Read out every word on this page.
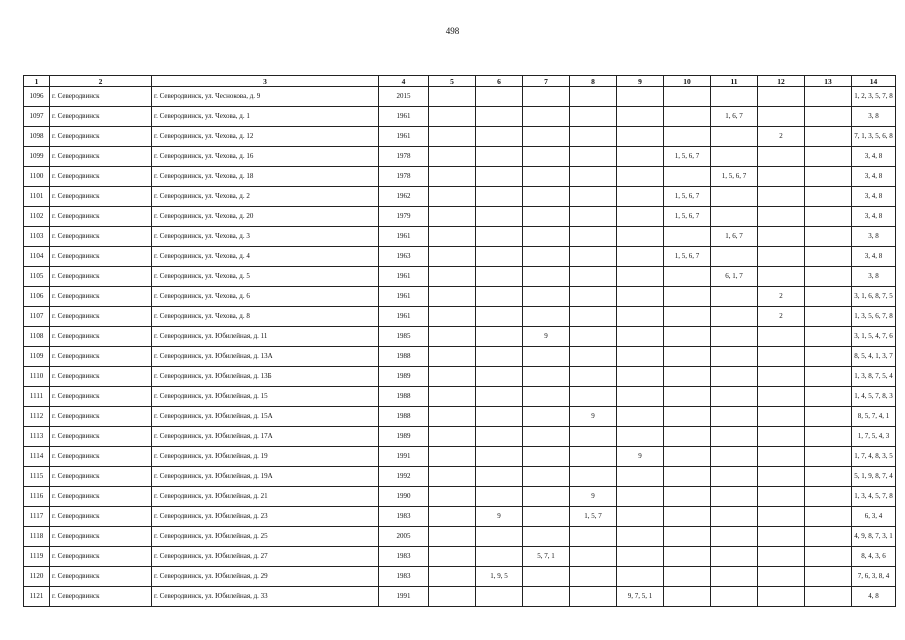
498
1	2	3	4	5	6	7	8	9	10	11	12	13	14
1096	г. Северодвинск	г. Северодвинск, ул. Чеснокова, д. 9	2015										1, 2, 3, 5, 7, 8
1097	г. Северодвинск	г. Северодвинск, ул. Чехова, д. 1	1961							1, 6, 7			3, 8
1098	г. Северодвинск	г. Северодвинск, ул. Чехова, д. 12	1961								2		7, 1, 3, 5, 6, 8
1099	г. Северодвинск	г. Северодвинск, ул. Чехова, д. 16	1978						1, 5, 6, 7				3, 4, 8
1100	г. Северодвинск	г. Северодвинск, ул. Чехова, д. 18	1978							1, 5, 6, 7			3, 4, 8
1101	г. Северодвинск	г. Северодвинск, ул. Чехова, д. 2	1962						1, 5, 6, 7				3, 4, 8
1102	г. Северодвинск	г. Северодвинск, ул. Чехова, д. 20	1979						1, 5, 6, 7				3, 4, 8
1103	г. Северодвинск	г. Северодвинск, ул. Чехова, д. 3	1961							1, 6, 7			3, 8
1104	г. Северодвинск	г. Северодвинск, ул. Чехова, д. 4	1963						1, 5, 6, 7				3, 4, 8
1105	г. Северодвинск	г. Северодвинск, ул. Чехова, д. 5	1961							6, 1, 7			3, 8
1106	г. Северодвинск	г. Северодвинск, ул. Чехова, д. 6	1961								2		3, 1, 6, 8, 7, 5
1107	г. Северодвинск	г. Северодвинск, ул. Чехова, д. 8	1961								2		1, 3, 5, 6, 7, 8
1108	г. Северодвинск	г. Северодвинск, ул. Юбилейная, д. 11	1985			9							3, 1, 5, 4, 7, 6
1109	г. Северодвинск	г. Северодвинск, ул. Юбилейная, д. 13А	1988										8, 5, 4, 1, 3, 7
1110	г. Северодвинск	г. Северодвинск, ул. Юбилейная, д. 13Б	1989										1, 3, 8, 7, 5, 4
1111	г. Северодвинск	г. Северодвинск, ул. Юбилейная, д. 15	1988										1, 4, 5, 7, 8, 3
1112	г. Северодвинск	г. Северодвинск, ул. Юбилейная, д. 15А	1988				9						8, 5, 7, 4, 1
1113	г. Северодвинск	г. Северодвинск, ул. Юбилейная, д. 17А	1989										1, 7, 5, 4, 3
1114	г. Северодвинск	г. Северодвинск, ул. Юбилейная, д. 19	1991					9					1, 7, 4, 8, 3, 5
1115	г. Северодвинск	г. Северодвинск, ул. Юбилейная, д. 19А	1992										5, 1, 9, 8, 7, 4
1116	г. Северодвинск	г. Северодвинск, ул. Юбилейная, д. 21	1990				9						1, 3, 4, 5, 7, 8
1117	г. Северодвинск	г. Северодвинск, ул. Юбилейная, д. 23	1983		9		1, 5, 7						6, 3, 4
1118	г. Северодвинск	г. Северодвинск, ул. Юбилейная, д. 25	2005										4, 9, 8, 7, 3, 1
1119	г. Северодвинск	г. Северодвинск, ул. Юбилейная, д. 27	1983			5, 7, 1							8, 4, 3, 6
1120	г. Северодвинск	г. Северодвинск, ул. Юбилейная, д. 29	1983		1, 9, 5								7, 6, 3, 8, 4
1121	г. Северодвинск	г. Северодвинск, ул. Юбилейная, д. 33	1991					9, 7, 5, 1					4, 8
